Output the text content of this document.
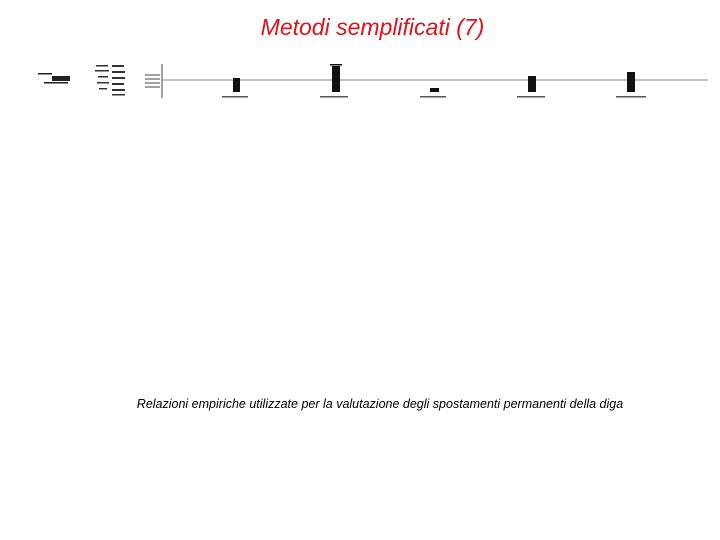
Metodi semplificati (7)
Relazioni empiriche utilizzate per la valutazione degli spostamenti permanenti della diga
